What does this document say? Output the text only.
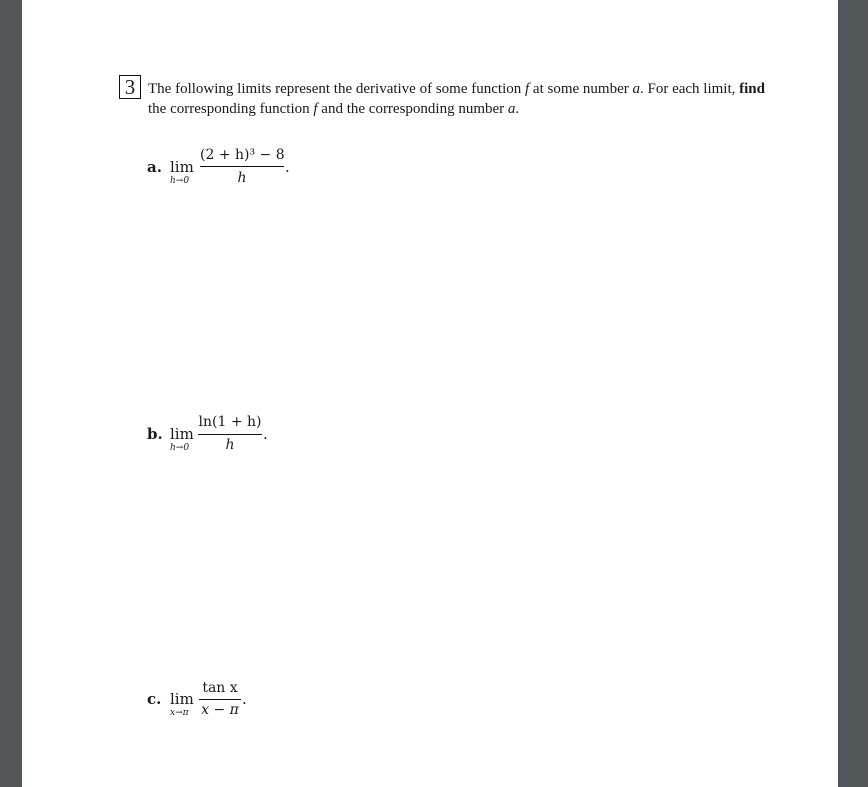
3 The following limits represent the derivative of some function f at some number a. For each limit, find the corresponding function f and the corresponding number a.
a. lim
h→0
(2 + h)³ − 8
h
.
b. lim
h→0
ln(1 + h)
h
.
c. lim
x→π
tan x
x − π
.
